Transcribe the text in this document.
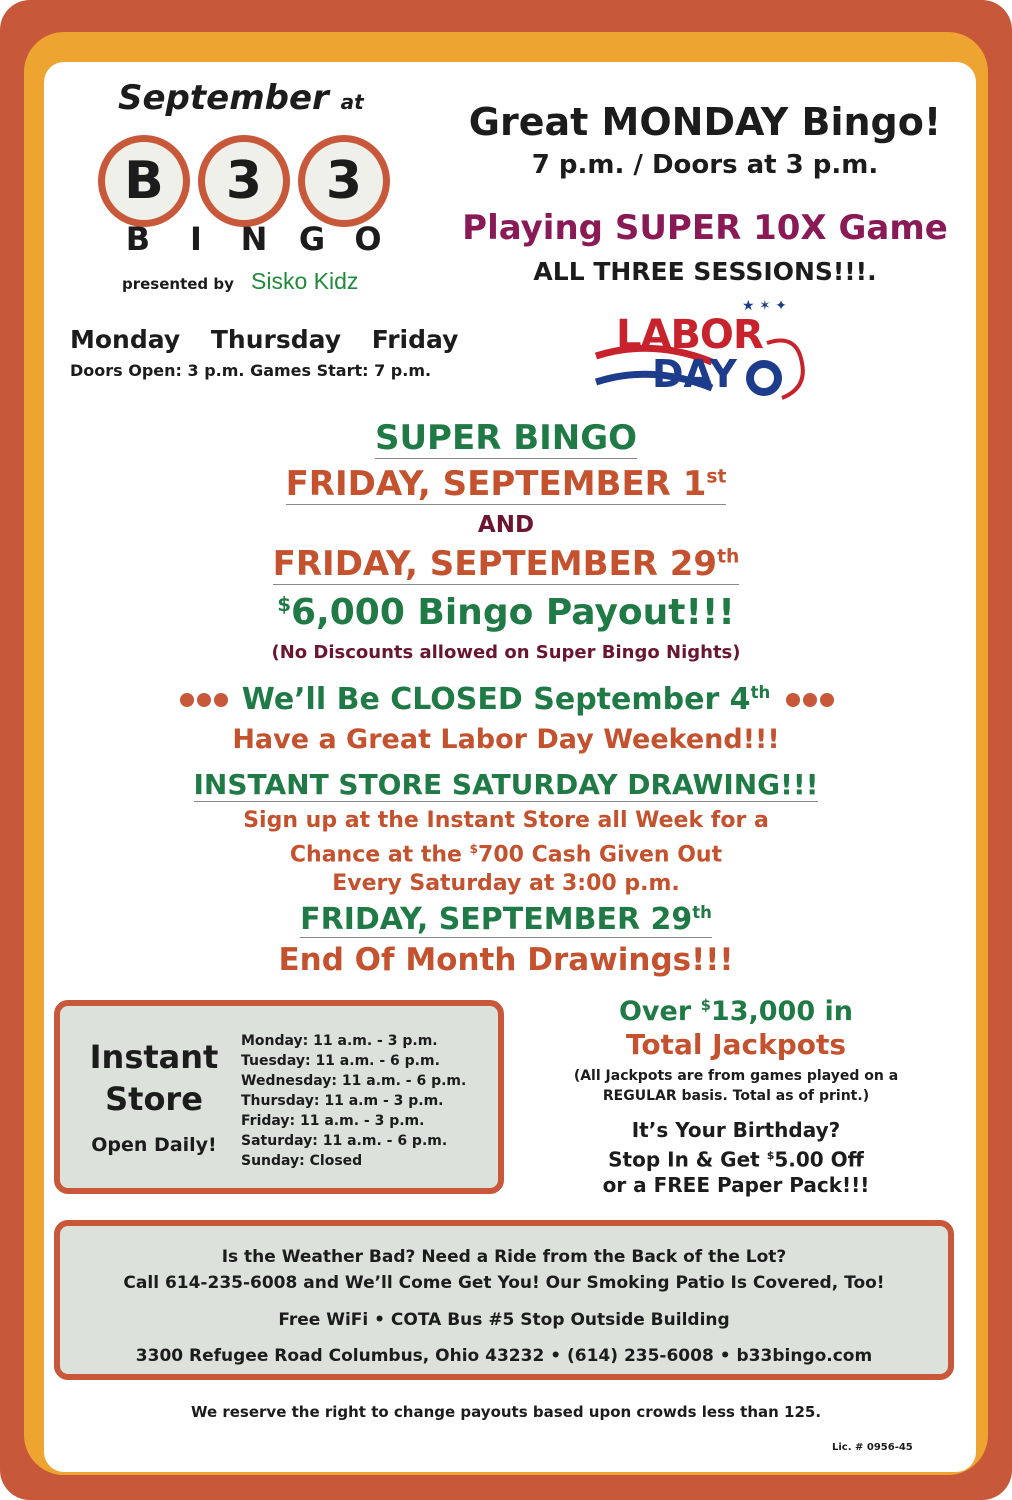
September at
B	3	3
B	I	N G O
presented by Sisko Kidz
Monday Thursday Friday
Doors Open: 3 p.m. Games Start: 7 p.m.
Great MONDAY Bingo!
7 p.m. / Doors at 3 p.m.
Playing SUPER 10X Game
ALL THREE SESSIONS!!!.
★ ✶ ✦
LABOR
DAY
SUPER BINGO
FRIDAY, SEPTEMBER 1st
AND
FRIDAY, SEPTEMBER 29th
$6,000 Bingo Payout!!!
(No Discounts allowed on Super Bingo Nights)
We’ll Be CLOSED September 4th
Have a Great Labor Day Weekend!!!
INSTANT STORE SATURDAY DRAWING!!!
Sign up at the Instant Store all Week for a
Chance at the $700 Cash Given Out
Every Saturday at 3:00 p.m.
FRIDAY, SEPTEMBER 29th
End Of Month Drawings!!!
Instant
Store
Open Daily!
Monday: 11 a.m. - 3 p.m.
Tuesday: 11 a.m. - 6 p.m.
Wednesday: 11 a.m. - 6 p.m.
Thursday: 11 a.m - 3 p.m.
Friday: 11 a.m. - 3 p.m.
Saturday: 11 a.m. - 6 p.m.
Sunday: Closed
Over $13,000 in
Total Jackpots
(All Jackpots are from games played on a
REGULAR basis. Total as of print.)
It’s Your Birthday?
Stop In & Get $5.00 Off
or a FREE Paper Pack!!!
Is the Weather Bad? Need a Ride from the Back of the Lot?
Call 614-235-6008 and We’ll Come Get You! Our Smoking Patio Is Covered, Too!
Free WiFi • COTA Bus #5 Stop Outside Building
3300 Refugee Road Columbus, Ohio 43232 • (614) 235-6008 • b33bingo.com
We reserve the right to change payouts based upon crowds less than 125.
Lic. # 0956-45
